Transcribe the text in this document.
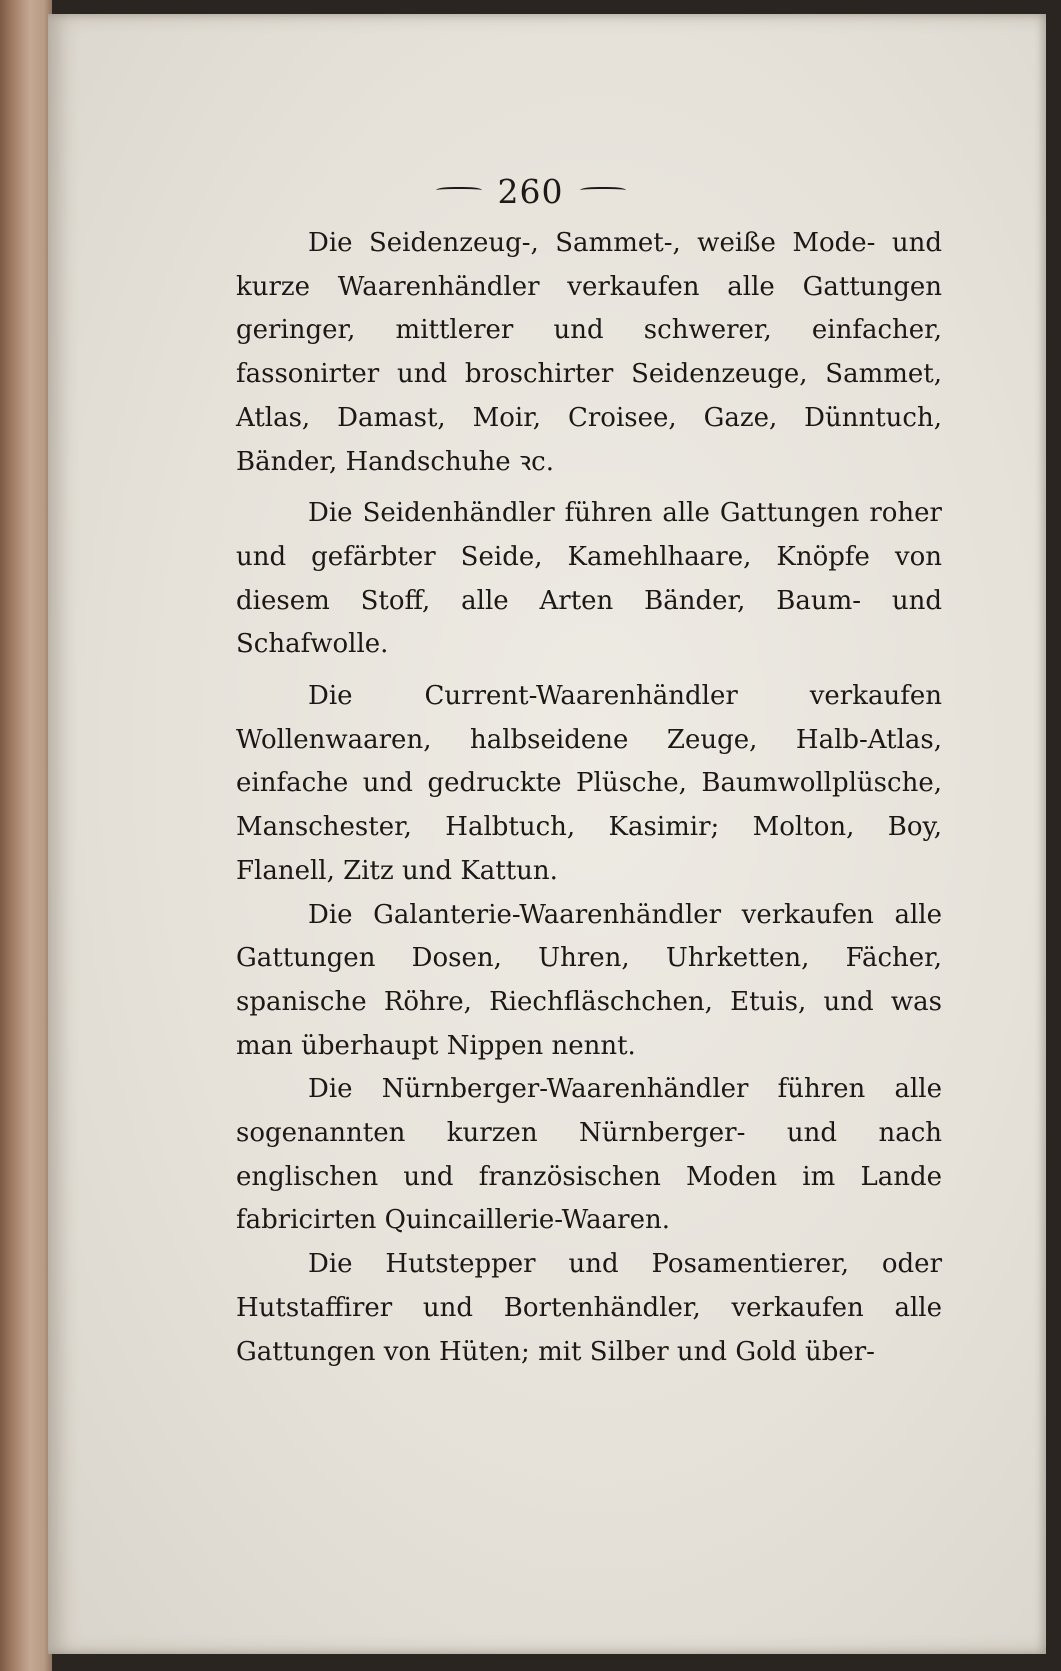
260

Die Seidenzeug-, Sammet-, weiße Mode- und kurze Waarenhändler verkaufen alle Gattungen geringer, mittlerer und schwerer, einfacher, fassonirter und broschirter Seidenzeuge, Sammet, Atlas, Damast, Moir, Croisee, Gaze, Dünntuch, Bänder, Handschuhe ꝛc.

Die Seidenhändler führen alle Gattungen roher und gefärbter Seide, Kamehlhaare, Knöpfe von diesem Stoff, alle Arten Bänder, Baum- und Schafwolle.

Die Current-Waarenhändler verkaufen Wollenwaaren, halbseidene Zeuge, Halb-Atlas, einfache und gedruckte Plüsche, Baumwollplüsche, Manschester, Halbtuch, Kasimir; Molton, Boy, Flanell, Zitz und Kattun.

Die Galanterie-Waarenhändler verkaufen alle Gattungen Dosen, Uhren, Uhrketten, Fächer, spanische Röhre, Riechfläschchen, Etuis, und was man überhaupt Nippen nennt.

Die Nürnberger-Waarenhändler führen alle sogenannten kurzen Nürnberger- und nach englischen und französischen Moden im Lande fabricirten Quincaillerie-Waaren.

Die Hutstepper und Posamentierer, oder Hutstaffirer und Bortenhändler, verkaufen alle Gattungen von Hüten; mit Silber und Gold über-
